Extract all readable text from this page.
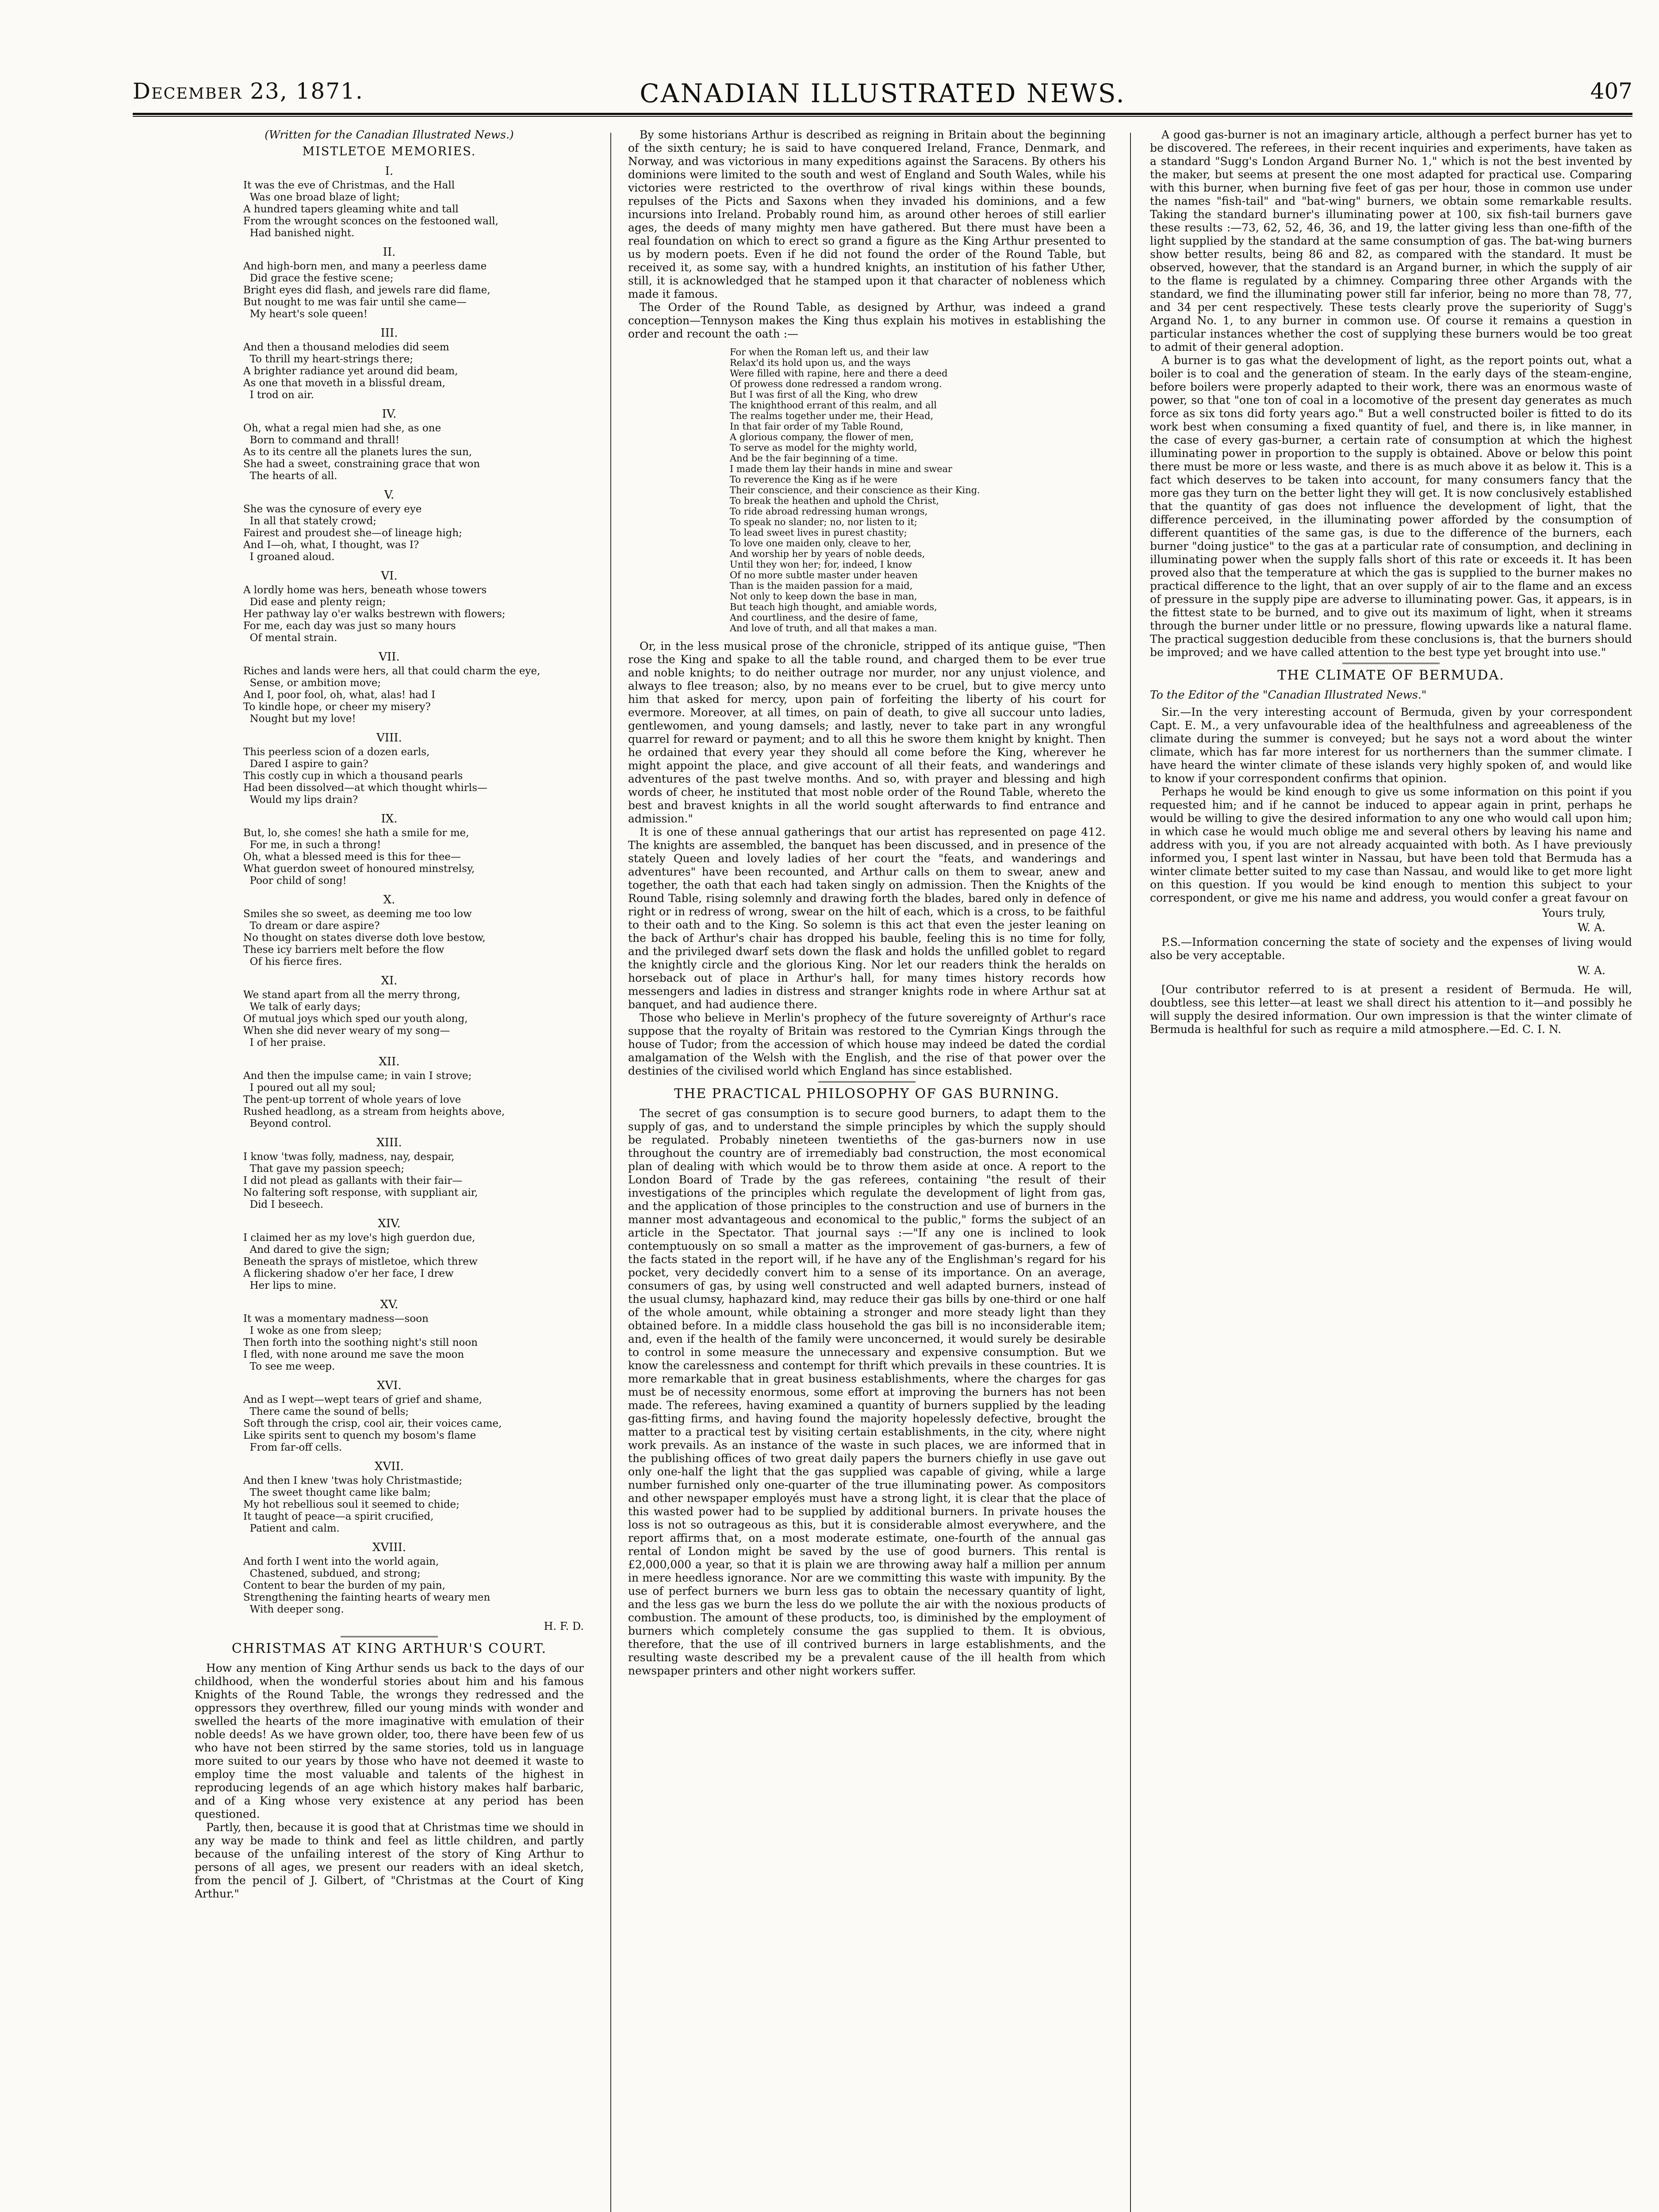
December 23, 1871.	CANADIAN ILLUSTRATED NEWS.	407
(Written for the Canadian Illustrated News.)
MISTLETOE MEMORIES.
I.
It was the eve of Christmas, and the Hall
Was one broad blaze of light;
A hundred tapers gleaming white and tall
From the wrought sconces on the festooned wall,
Had banished night.
II.
And high-born men, and many a peerless dame
Did grace the festive scene;
Bright eyes did flash, and jewels rare did flame,
But nought to me was fair until she came—
My heart's sole queen!
III.
And then a thousand melodies did seem
To thrill my heart-strings there;
A brighter radiance yet around did beam,
As one that moveth in a blissful dream,
I trod on air.
IV.
Oh, what a regal mien had she, as one
Born to command and thrall!
As to its centre all the planets lures the sun,
She had a sweet, constraining grace that won
The hearts of all.
V.
She was the cynosure of every eye
In all that stately crowd;
Fairest and proudest she—of lineage high;
And I—oh, what, I thought, was I?
I groaned aloud.
VI.
A lordly home was hers, beneath whose towers
Did ease and plenty reign;
Her pathway lay o'er walks bestrewn with flowers;
For me, each day was just so many hours
Of mental strain.
VII.
Riches and lands were hers, all that could charm the eye,
Sense, or ambition move;
And I, poor fool, oh, what, alas! had I
To kindle hope, or cheer my misery?
Nought but my love!
VIII.
This peerless scion of a dozen earls,
Dared I aspire to gain?
This costly cup in which a thousand pearls
Had been dissolved—at which thought whirls—
Would my lips drain?
IX.
But, lo, she comes! she hath a smile for me,
For me, in such a throng!
Oh, what a blessed meed is this for thee—
What guerdon sweet of honoured minstrelsy,
Poor child of song!
X.
Smiles she so sweet, as deeming me too low
To dream or dare aspire?
No thought on states diverse doth love bestow,
These icy barriers melt before the flow
Of his fierce fires.
XI.
We stand apart from all the merry throng,
We talk of early days;
Of mutual joys which sped our youth along,
When she did never weary of my song—
I of her praise.
XII.
And then the impulse came; in vain I strove;
I poured out all my soul;
The pent-up torrent of whole years of love
Rushed headlong, as a stream from heights above,
Beyond control.
XIII.
I know 'twas folly, madness, nay, despair,
That gave my passion speech;
I did not plead as gallants with their fair—
No faltering soft response, with suppliant air,
Did I beseech.
XIV.
I claimed her as my love's high guerdon due,
And dared to give the sign;
Beneath the sprays of mistletoe, which threw
A flickering shadow o'er her face, I drew
Her lips to mine.
XV.
It was a momentary madness—soon
I woke as one from sleep;
Then forth into the soothing night's still noon
I fled, with none around me save the moon
To see me weep.
XVI.
And as I wept—wept tears of grief and shame,
There came the sound of bells;
Soft through the crisp, cool air, their voices came,
Like spirits sent to quench my bosom's flame
From far-off cells.
XVII.
And then I knew 'twas holy Christmastide;
The sweet thought came like balm;
My hot rebellious soul it seemed to chide;
It taught of peace—a spirit crucified,
Patient and calm.
XVIII.
And forth I went into the world again,
Chastened, subdued, and strong;
Content to bear the burden of my pain,
Strengthening the fainting hearts of weary men
With deeper song.
H. F. D.
CHRISTMAS AT KING ARTHUR'S COURT.

How any mention of King Arthur sends us back to the days of our childhood, when the wonderful stories about him and his famous Knights of the Round Table, the wrongs they redressed and the oppressors they overthrew, filled our young minds with wonder and swelled the hearts of the more imaginative with emulation of their noble deeds! As we have grown older, too, there have been few of us who have not been stirred by the same stories, told us in language more suited to our years by those who have not deemed it waste to employ time the most valuable and talents of the highest in reproducing legends of an age which history makes half barbaric, and of a King whose very existence at any period has been questioned.

Partly, then, because it is good that at Christmas time we should in any way be made to think and feel as little children, and partly because of the unfailing interest of the story of King Arthur to persons of all ages, we present our readers with an ideal sketch, from the pencil of J. Gilbert, of "Christmas at the Court of King Arthur."

By some historians Arthur is described as reigning in Britain about the beginning of the sixth century; he is said to have conquered Ireland, France, Denmark, and Norway, and was victorious in many expeditions against the Saracens. By others his dominions were limited to the south and west of England and South Wales, while his victories were restricted to the overthrow of rival kings within these bounds, repulses of the Picts and Saxons when they invaded his dominions, and a few incursions into Ireland. Probably round him, as around other heroes of still earlier ages, the deeds of many mighty men have gathered. But there must have been a real foundation on which to erect so grand a figure as the King Arthur presented to us by modern poets. Even if he did not found the order of the Round Table, but received it, as some say, with a hundred knights, an institution of his father Uther, still, it is acknowledged that he stamped upon it that character of nobleness which made it famous.

The Order of the Round Table, as designed by Arthur, was indeed a grand conception—Tennyson makes the King thus explain his motives in establishing the order and recount the oath :—

For when the Roman left us, and their law
Relax'd its hold upon us, and the ways
Were filled with rapine, here and there a deed
Of prowess done redressed a random wrong.
But I was first of all the King, who drew
The knighthood errant of this realm, and all
The realms together under me, their Head,
In that fair order of my Table Round,
A glorious company, the flower of men,
To serve as model for the mighty world,
And be the fair beginning of a time.
I made them lay their hands in mine and swear
To reverence the King as if he were
Their conscience, and their conscience as their King.
To break the heathen and uphold the Christ,
To ride abroad redressing human wrongs,
To speak no slander; no, nor listen to it;
To lead sweet lives in purest chastity;
To love one maiden only, cleave to her,
And worship her by years of noble deeds,
Until they won her; for, indeed, I know
Of no more subtle master under heaven
Than is the maiden passion for a maid,
Not only to keep down the base in man,
But teach high thought, and amiable words,
And courtliness, and the desire of fame,
And love of truth, and all that makes a man.

Or, in the less musical prose of the chronicle, stripped of its antique guise, "Then rose the King and spake to all the table round, and charged them to be ever true and noble knights; to do neither outrage nor murder, nor any unjust violence, and always to flee treason; also, by no means ever to be cruel, but to give mercy unto him that asked for mercy, upon pain of forfeiting the liberty of his court for evermore. Moreover, at all times, on pain of death, to give all succour unto ladies, gentlewomen, and young damsels; and lastly, never to take part in any wrongful quarrel for reward or payment; and to all this he swore them knight by knight. Then he ordained that every year they should all come before the King, wherever he might appoint the place, and give account of all their feats, and wanderings and adventures of the past twelve months. And so, with prayer and blessing and high words of cheer, he instituted that most noble order of the Round Table, whereto the best and bravest knights in all the world sought afterwards to find entrance and admission."

It is one of these annual gatherings that our artist has represented on page 412. The knights are assembled, the banquet has been discussed, and in presence of the stately Queen and lovely ladies of her court the "feats, and wanderings and adventures" have been recounted, and Arthur calls on them to swear, anew and together, the oath that each had taken singly on admission. Then the Knights of the Round Table, rising solemnly and drawing forth the blades, bared only in defence of right or in redress of wrong, swear on the hilt of each, which is a cross, to be faithful to their oath and to the King. So solemn is this act that even the jester leaning on the back of Arthur's chair has dropped his bauble, feeling this is no time for folly, and the privileged dwarf sets down the flask and holds the unfilled goblet to regard the knightly circle and the glorious King. Nor let our readers think the heralds on horseback out of place in Arthur's hall, for many times history records how messengers and ladies in distress and stranger knights rode in where Arthur sat at banquet, and had audience there.

Those who believe in Merlin's prophecy of the future sovereignty of Arthur's race suppose that the royalty of Britain was restored to the Cymrian Kings through the house of Tudor; from the accession of which house may indeed be dated the cordial amalgamation of the Welsh with the English, and the rise of that power over the destinies of the civilised world which England has since established.

THE PRACTICAL PHILOSOPHY OF GAS BURNING.

The secret of gas consumption is to secure good burners, to adapt them to the supply of gas, and to understand the simple principles by which the supply should be regulated. Probably nineteen twentieths of the gas-burners now in use throughout the country are of irremediably bad construction, the most economical plan of dealing with which would be to throw them aside at once. A report to the London Board of Trade by the gas referees, containing "the result of their investigations of the principles which regulate the development of light from gas, and the application of those principles to the construction and use of burners in the manner most advantageous and economical to the public," forms the subject of an article in the Spectator. That journal says :—"If any one is inclined to look contemptuously on so small a matter as the improvement of gas-burners, a few of the facts stated in the report will, if he have any of the Englishman's regard for his pocket, very decidedly convert him to a sense of its importance. On an average, consumers of gas, by using well constructed and well adapted burners, instead of the usual clumsy, haphazard kind, may reduce their gas bills by one-third or one half of the whole amount, while obtaining a stronger and more steady light than they obtained before. In a middle class household the gas bill is no inconsiderable item; and, even if the health of the family were unconcerned, it would surely be desirable to control in some measure the unnecessary and expensive consumption. But we know the carelessness and contempt for thrift which prevails in these countries. It is more remarkable that in great business establishments, where the charges for gas must be of necessity enormous, some effort at improving the burners has not been made. The referees, having examined a quantity of burners supplied by the leading gas-fitting firms, and having found the majority hopelessly defective, brought the matter to a practical test by visiting certain establishments, in the city, where night work prevails. As an instance of the waste in such places, we are informed that in the publishing offices of two great daily papers the burners chiefly in use gave out only one-half the light that the gas supplied was capable of giving, while a large number furnished only one-quarter of the true illuminating power. As compositors and other newspaper employés must have a strong light, it is clear that the place of this wasted power had to be supplied by additional burners. In private houses the loss is not so outrageous as this, but it is considerable almost everywhere, and the report affirms that, on a most moderate estimate, one-fourth of the annual gas rental of London might be saved by the use of good burners. This rental is £2,000,000 a year, so that it is plain we are throwing away half a million per annum in mere heedless ignorance. Nor are we committing this waste with impunity. By the use of perfect burners we burn less gas to obtain the necessary quantity of light, and the less gas we burn the less do we pollute the air with the noxious products of combustion. The amount of these products, too, is diminished by the employment of burners which completely consume the gas supplied to them. It is obvious, therefore, that the use of ill contrived burners in large establishments, and the resulting waste described my be a prevalent cause of the ill health from which newspaper printers and other night workers suffer.

A good gas-burner is not an imaginary article, although a perfect burner has yet to be discovered. The referees, in their recent inquiries and experiments, have taken as a standard "Sugg's London Argand Burner No. 1," which is not the best invented by the maker, but seems at present the one most adapted for practical use. Comparing with this burner, when burning five feet of gas per hour, those in common use under the names "fish-tail" and "bat-wing" burners, we obtain some remarkable results. Taking the standard burner's illuminating power at 100, six fish-tail burners gave these results :—73, 62, 52, 46, 36, and 19, the latter giving less than one-fifth of the light supplied by the standard at the same consumption of gas. The bat-wing burners show better results, being 86 and 82, as compared with the standard. It must be observed, however, that the standard is an Argand burner, in which the supply of air to the flame is regulated by a chimney. Comparing three other Argands with the standard, we find the illuminating power still far inferior, being no more than 78, 77, and 34 per cent respectively. These tests clearly prove the superiority of Sugg's Argand No. 1, to any burner in common use. Of course it remains a question in particular instances whether the cost of supplying these burners would be too great to admit of their general adoption.

A burner is to gas what the development of light, as the report points out, what a boiler is to coal and the generation of steam. In the early days of the steam-engine, before boilers were properly adapted to their work, there was an enormous waste of power, so that "one ton of coal in a locomotive of the present day generates as much force as six tons did forty years ago." But a well constructed boiler is fitted to do its work best when consuming a fixed quantity of fuel, and there is, in like manner, in the case of every gas-burner, a certain rate of consumption at which the highest illuminating power in proportion to the supply is obtained. Above or below this point there must be more or less waste, and there is as much above it as below it. This is a fact which deserves to be taken into account, for many consumers fancy that the more gas they turn on the better light they will get. It is now conclusively established that the quantity of gas does not influence the development of light, that the difference perceived, in the illuminating power afforded by the consumption of different quantities of the same gas, is due to the difference of the burners, each burner "doing justice" to the gas at a particular rate of consumption, and declining in illuminating power when the supply falls short of this rate or exceeds it. It has been proved also that the temperature at which the gas is supplied to the burner makes no practical difference to the light, that an over supply of air to the flame and an excess of pressure in the supply pipe are adverse to illuminating power. Gas, it appears, is in the fittest state to be burned, and to give out its maximum of light, when it streams through the burner under little or no pressure, flowing upwards like a natural flame. The practical suggestion deducible from these conclusions is, that the burners should be improved; and we have called attention to the best type yet brought into use."

THE CLIMATE OF BERMUDA.
To the Editor of the "Canadian Illustrated News."

Sir.—In the very interesting account of Bermuda, given by your correspondent Capt. E. M., a very unfavourable idea of the healthfulness and agreeableness of the climate during the summer is conveyed; but he says not a word about the winter climate, which has far more interest for us northerners than the summer climate. I have heard the winter climate of these islands very highly spoken of, and would like to know if your correspondent confirms that opinion.

Perhaps he would be kind enough to give us some information on this point if you requested him; and if he cannot be induced to appear again in print, perhaps he would be willing to give the desired information to any one who would call upon him; in which case he would much oblige me and several others by leaving his name and address with you, if you are not already acquainted with both. As I have previously informed you, I spent last winter in Nassau, but have been told that Bermuda has a winter climate better suited to my case than Nassau, and would like to get more light on this question. If you would be kind enough to mention this subject to your correspondent, or give me his name and address, you would confer a great favour on

Yours truly,
W. A.

P.S.—Information concerning the state of society and the expenses of living would also be very acceptable.

W. A.

[Our contributor referred to is at present a resident of Bermuda. He will, doubtless, see this letter—at least we shall direct his attention to it—and possibly he will supply the desired information. Our own impression is that the winter climate of Bermuda is healthful for such as require a mild atmosphere.—Ed. C. I. N.
